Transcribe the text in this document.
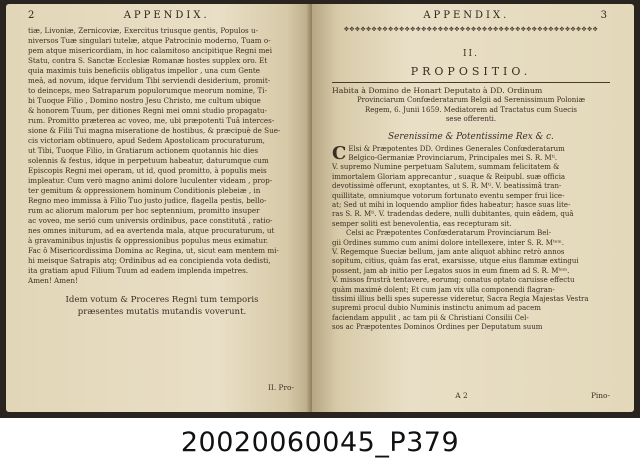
2	APPENDIX.

tiæ, Livoniæ, Zernicoviæ, Exercitus triusque gentis, Populos u-

niversos Tuæ singulari tutelæ, atque Patrocinio moderno, Tuam o-

pem atque misericordiam, in hoc calamitoso ancipitique Regni mei

Statu, contra S. Sanctæ Ecclesiæ Romanæ hostes supplex oro. Et

quia maximis tuis beneficiis obligatus impellor , una cum Gente

meâ, ad novum, idque fervidum Tibi serviendi desiderium, promit-

to deinceps, meo Satraparum populorumque meorum nomine, Ti-

bi Tuoque Filio , Domino nostro Jesu Christo, me cultum ubique

& honorem Tuum, per ditiones Regni mei omni studio propagatu-

rum. Promitto præterea ac voveo, me, ubi præpotenti Tuâ interces-

sione & Filii Tui magna miseratione de hostibus, & præcipuè de Sue-

cis victoriam obtinuero, apud Sedem Apostolicam procuraturum,

ut Tibi, Tuoque Filio, in Gratiarum actionem quotannis hic dies

solennis & festus, idque in perpetuum habeatur, daturumque cum

Episcopis Regni mei operam, ut id, quod promitto, à populis meis

impleatur. Cum verò magno animi dolore luculenter videam , prop-

ter gemitum & oppressionem hominum Conditionis plebeiæ , in

Regno meo immissa à Filio Tuo justo judice, flagella pestis, bello-

rum ac aliorum malorum per hoc septennium, promitto insuper

ac voveo, me serió cum universis ordinibus, pace constitutâ , ratio-

nes omnes initurum, ad ea avertenda mala, atque procuraturum, ut

à gravaminibus injustis & oppressionibus populus meus eximatur.

Fac ô Misericordissima Domina ac Regina, ut, sicut eam mentem mi-

hi meisque Satrapis atq; Ordinibus ad ea concipienda vota dedisti,

ita gratiam apud Filium Tuum ad eadem implenda impetres.

Amen! Amen!

Idem votum & Proceres Regni tum temporis
præsentes mutatis mutandis voverunt.
II. Pro-
APPENDIX.	3
✥✥✥✥✥✥✥✥✥✥✥✥✥✥✥✥✥✥✥✥✥✥✥✥✥✥✥✥✥✥✥✥✥✥✥✥✥✥✥✥✥✥✥✥✥✥
II.
PROPOSITIO.
Habita à Domino de Honart Deputato à DD. Ordinum
Provinciarum Confœderatarum Belgii ad Serenissimum Poloniæ
Regem, 6. Junii 1659. Mediatorem ad Tractatus cum Suecis
sese offerenti.
Serenissime & Potentissime Rex & c.
C Elsi & Præpotentes DD. Ordines Generales Confœderatarum

Belgico-Germaniæ Provinciarum, Principales mei S. R. Mᵗⁱ.

V. supremo Numine perpetuam Salutem, summam felicitatem &

immortalem Gloriam apprecantur , suaque & Reipubl. suæ officia

devotissimè offerunt, exoptantes, ut S. R. Mᵗⁱ. V. beatissimâ tran-

quillitate, omniumque votorum fortunato eventu semper frui lice-

at; Sed ut mihi in loquendo amplior fides habeatur; hasce suas lite-

ras S. R. Mᵗⁱ. V. tradendas dedere, nulli dubitantes, quin eâdem, quâ

semper soliti est benevolentia, eas recepturam sit.

Celsi ac Præpotentes Confœderatarum Provinciarum Bel-

gii Ordines summo cum animi dolore intellexere, inter S. R. Mᵗᵉᵐ.

V. Regemque Sueciæ bellum, jam ante aliquot abhinc retrò annos

sopitum, citius, quàm fas erat, exarsisse, utque eius flammæ extingui

possent, jam ab initio per Legatos suos in eum finem ad S. R. Mᵗᵉᵐ.

V. missos frustrà tentavere, eorumq; conatus optato caruisse effectu

quàm maximè dolent; Et cum jam vix ulla componendi flagran-

tissimi illius belli spes superesse videretur, Sacra Regia Majestas Vestra

supremi procul dubio Numinis instinctu animum ad pacem

faciendam appulit , ac tam pii & Christiani Consilii Cel-

sos ac Præpotentes Dominos Ordines per Deputatum suum

A 2	Pino-
20020060045_P379
